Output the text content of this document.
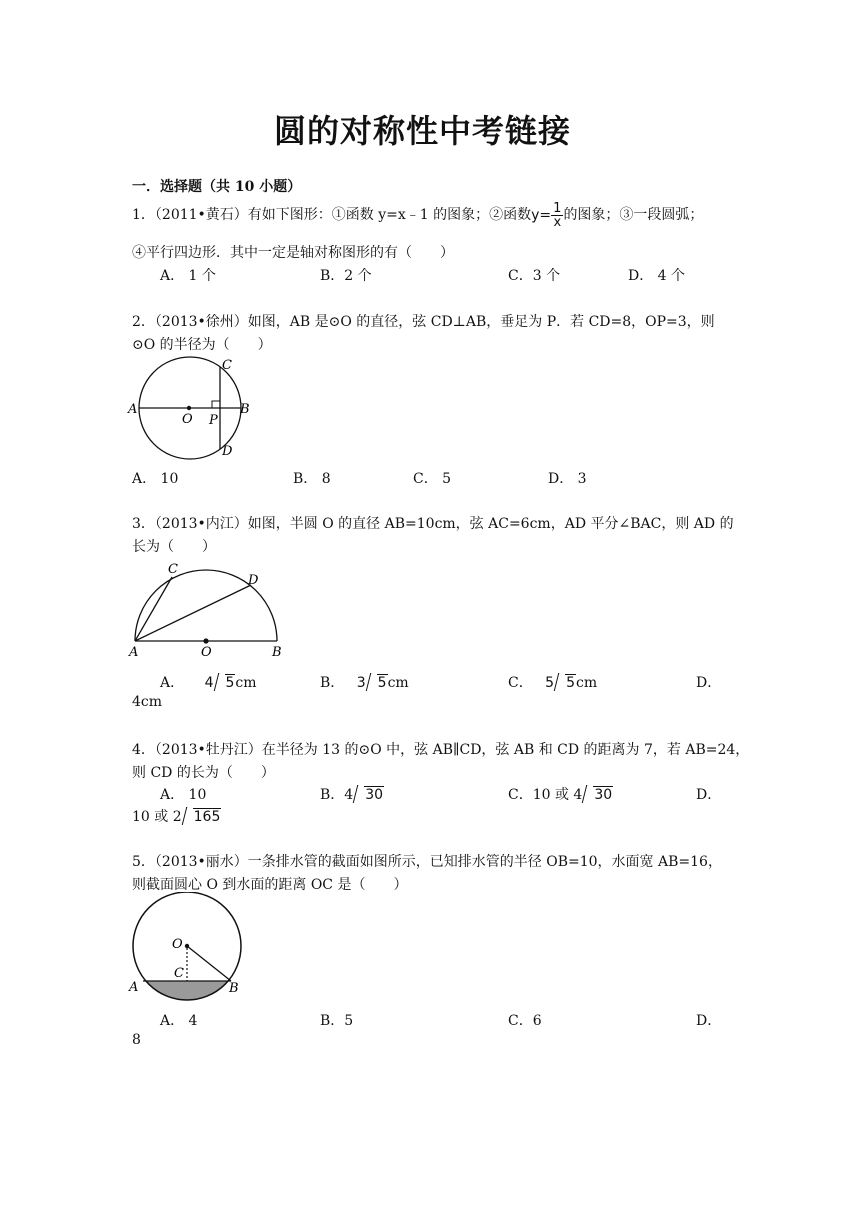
圆的对称性中考链接
一．选择题（共 10 小题）
1．（2011•黄石）有如下图形：①函数 y=x﹣1 的图象；②函数$y= \frac{1}{x}$ 的图象；③一段圆弧；
④平行四边形．其中一定是轴对称图形的有（　　）
A． 1 个	B．2 个	C．3 个	D． 4 个
2．（2013•徐州）如图，AB 是⊙O 的直径，弦 CD⊥AB，垂足为 P．若 CD=8，OP=3，则
⊙O 的半径为（　　）
A	B
C
D
O P
A． 10	B． 8	C． 5	D． 3
3．（2013•内江）如图，半圆 O 的直径 AB=10cm，弦 AC=6cm，AD 平分∠BAC，则 AD 的
长为（　　）
A	B
C
D
O
A． 4 5cm	B． 3 5cm	C． 5 5cm	D．
4cm
4．（2013•牡丹江）在半径为 13 的⊙O 中，弦 AB∥CD，弦 AB 和 CD 的距离为 7，若 AB=24，
则 CD 的长为（　　）
A． 10	B．4 30	C．10 或 4 30	D．
10 或 2 165
5．（2013•丽水）一条排水管的截面如图所示，已知排水管的半径 OB=10，水面宽 AB=16，
则截面圆心 O 到水面的距离 OC 是（　　）
A	B
C
O
A． 4	B．5	C．6	D．
8
